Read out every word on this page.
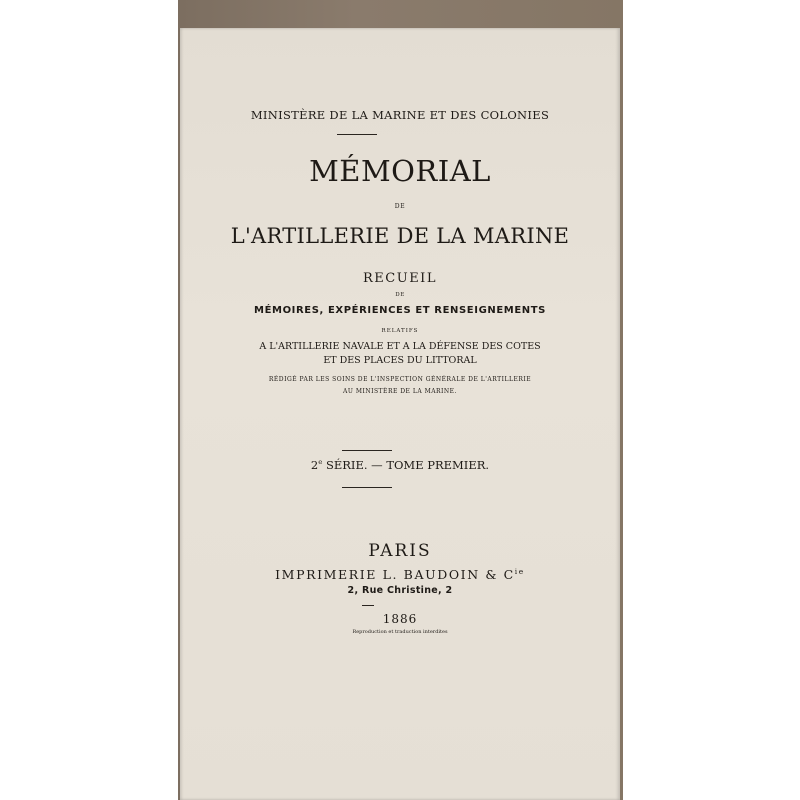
MINISTÈRE DE LA MARINE ET DES COLONIES
MÉMORIAL
DE
L'ARTILLERIE DE LA MARINE
RECUEIL
DE
MÉMOIRES, EXPÉRIENCES ET RENSEIGNEMENTS
RELATIFS
A L'ARTILLERIE NAVALE ET A LA DÉFENSE DES COTES
ET DES PLACES DU LITTORAL
RÉDIGÉ PAR LES SOINS DE L'INSPECTION GÉNÉRALE DE L'ARTILLERIE
AU MINISTÈRE DE LA MARINE.
2e SÉRIE. — TOME PREMIER.
PARIS
IMPRIMERIE L. BAUDOIN & $C^{ie}$
2, Rue Christine, 2
1886
Reproduction et traduction interdites
